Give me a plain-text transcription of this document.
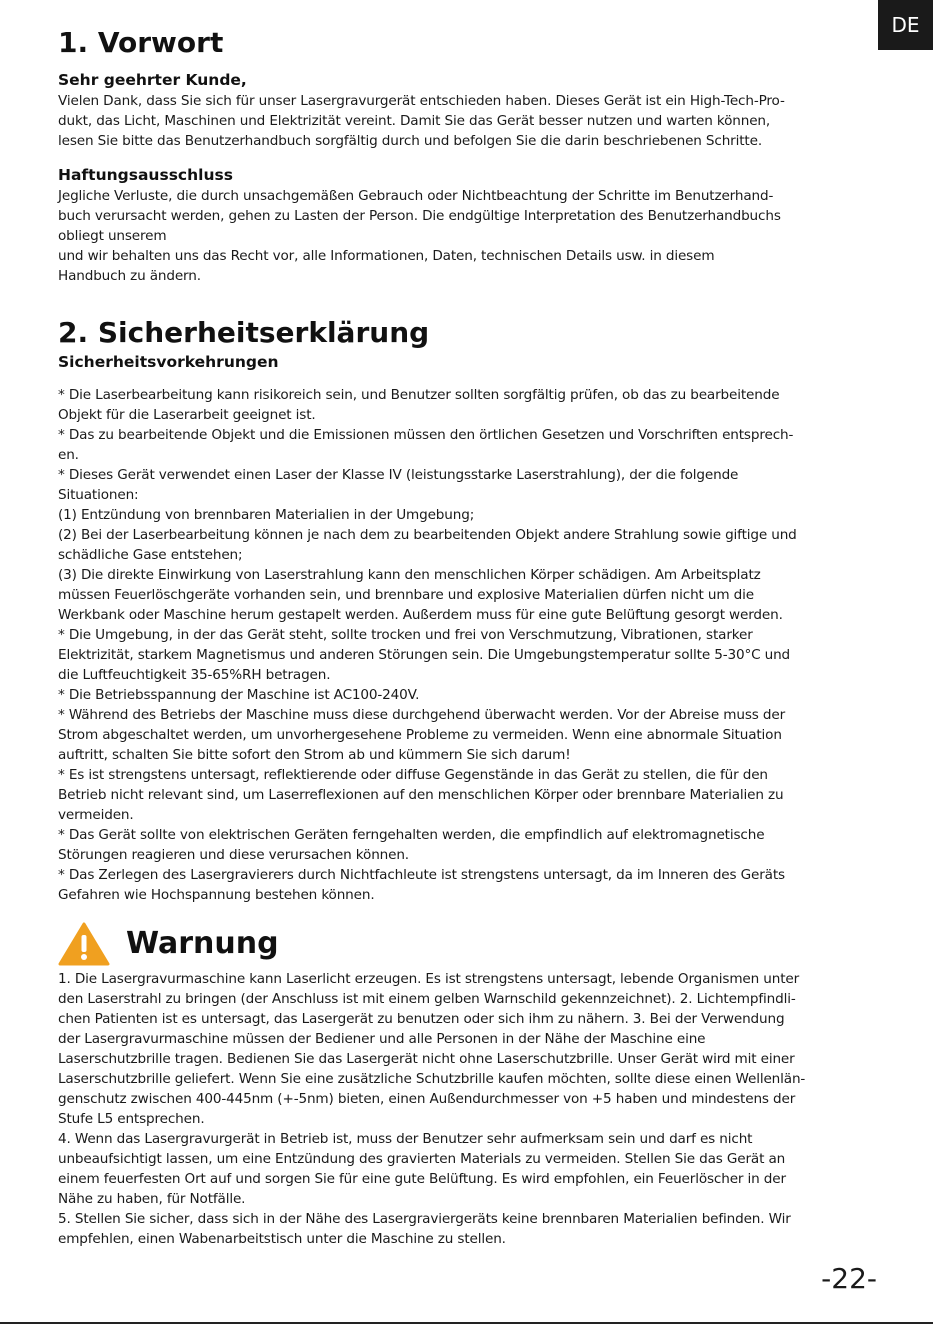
DE
1. Vorwort
Sehr geehrter Kunde,
Vielen Dank, dass Sie sich für unser Lasergravurgerät entschieden haben. Dieses Gerät ist ein High-Tech-Pro-
dukt, das Licht, Maschinen und Elektrizität vereint. Damit Sie das Gerät besser nutzen und warten können,
lesen Sie bitte das Benutzerhandbuch sorgfältig durch und befolgen Sie die darin beschriebenen Schritte.
Haftungsausschluss
Jegliche Verluste, die durch unsachgemäßen Gebrauch oder Nichtbeachtung der Schritte im Benutzerhand-
buch verursacht werden, gehen zu Lasten der Person. Die endgültige Interpretation des Benutzerhandbuchs
obliegt unserem
und wir behalten uns das Recht vor, alle Informationen, Daten, technischen Details usw. in diesem
Handbuch zu ändern.
2. Sicherheitserklärung
Sicherheitsvorkehrungen
* Die Laserbearbeitung kann risikoreich sein, und Benutzer sollten sorgfältig prüfen, ob das zu bearbeitende
Objekt für die Laserarbeit geeignet ist.
* Das zu bearbeitende Objekt und die Emissionen müssen den örtlichen Gesetzen und Vorschriften entsprech-
en.
* Dieses Gerät verwendet einen Laser der Klasse IV (leistungsstarke Laserstrahlung), der die folgende
Situationen:
(1) Entzündung von brennbaren Materialien in der Umgebung;
(2) Bei der Laserbearbeitung können je nach dem zu bearbeitenden Objekt andere Strahlung sowie giftige und
schädliche Gase entstehen;
(3) Die direkte Einwirkung von Laserstrahlung kann den menschlichen Körper schädigen. Am Arbeitsplatz
müssen Feuerlöschgeräte vorhanden sein, und brennbare und explosive Materialien dürfen nicht um die
Werkbank oder Maschine herum gestapelt werden. Außerdem muss für eine gute Belüftung gesorgt werden.
* Die Umgebung, in der das Gerät steht, sollte trocken und frei von Verschmutzung, Vibrationen, starker
Elektrizität, starkem Magnetismus und anderen Störungen sein. Die Umgebungstemperatur sollte 5-30°C und
die Luftfeuchtigkeit 35-65%RH betragen.
* Die Betriebsspannung der Maschine ist AC100-240V.
* Während des Betriebs der Maschine muss diese durchgehend überwacht werden. Vor der Abreise muss der
Strom abgeschaltet werden, um unvorhergesehene Probleme zu vermeiden. Wenn eine abnormale Situation
auftritt, schalten Sie bitte sofort den Strom ab und kümmern Sie sich darum!
* Es ist strengstens untersagt, reflektierende oder diffuse Gegenstände in das Gerät zu stellen, die für den
Betrieb nicht relevant sind, um Laserreflexionen auf den menschlichen Körper oder brennbare Materialien zu
vermeiden.
* Das Gerät sollte von elektrischen Geräten ferngehalten werden, die empfindlich auf elektromagnetische
Störungen reagieren und diese verursachen können.
* Das Zerlegen des Lasergravierers durch Nichtfachleute ist strengstens untersagt, da im Inneren des Geräts
Gefahren wie Hochspannung bestehen können.
Warnung
1. Die Lasergravurmaschine kann Laserlicht erzeugen. Es ist strengstens untersagt, lebende Organismen unter
den Laserstrahl zu bringen (der Anschluss ist mit einem gelben Warnschild gekennzeichnet). 2. Lichtempfindli-
chen Patienten ist es untersagt, das Lasergerät zu benutzen oder sich ihm zu nähern. 3. Bei der Verwendung
der Lasergravurmaschine müssen der Bediener und alle Personen in der Nähe der Maschine eine
Laserschutzbrille tragen. Bedienen Sie das Lasergerät nicht ohne Laserschutzbrille. Unser Gerät wird mit einer
Laserschutzbrille geliefert. Wenn Sie eine zusätzliche Schutzbrille kaufen möchten, sollte diese einen Wellenlän-
genschutz zwischen 400-445nm (+-5nm) bieten, einen Außendurchmesser von +5 haben und mindestens der
Stufe L5 entsprechen.
4. Wenn das Lasergravurgerät in Betrieb ist, muss der Benutzer sehr aufmerksam sein und darf es nicht
unbeaufsichtigt lassen, um eine Entzündung des gravierten Materials zu vermeiden. Stellen Sie das Gerät an
einem feuerfesten Ort auf und sorgen Sie für eine gute Belüftung. Es wird empfohlen, ein Feuerlöscher in der
Nähe zu haben, für Notfälle.
5. Stellen Sie sicher, dass sich in der Nähe des Lasergraviergeräts keine brennbaren Materialien befinden. Wir
empfehlen, einen Wabenarbeitstisch unter die Maschine zu stellen.
-22-
